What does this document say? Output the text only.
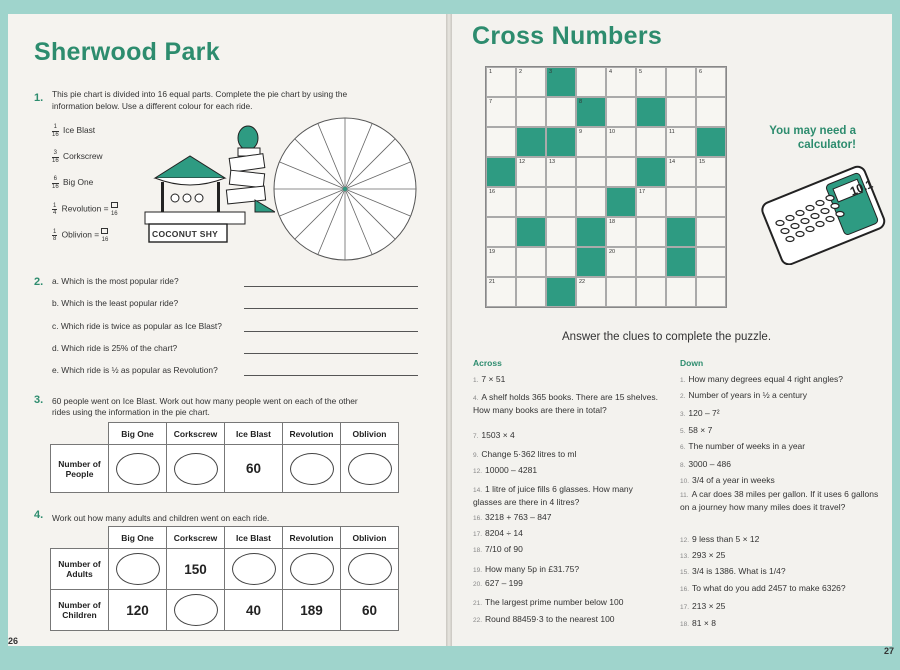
Sherwood Park
1. This pie chart is divided into 16 equal parts. Complete the pie chart by using the
information below. Use a different colour for each ride.
$\frac{1}{16}$ Ice Blast
$\frac{3}{16}$ Corkscrew
$\frac{6}{16}$ Big One
$\frac{1}{4}$ Revolution = 16
$\frac{1}{8}$ Oblivion = 16
COCONUT SHY
2. a. Which is the most popular ride?
b. Which is the least popular ride?
c. Which ride is twice as popular as Ice Blast?
d. Which ride is 25% of the chart?
e. Which ride is ½ as popular as Revolution?
3. 60 people went on Ice Blast. Work out how many people went on each of the other
rides using the information in the pie chart.
	Big One	Corkscrew	Ice Blast	Revolution	Oblivion
Number of People			60		
4. Work out how many adults and children went on each ride.
	Big One	Corkscrew	Ice Blast	Revolution	Oblivion
Number of Adults		150			
Number of Children	120		40	189	60
26
Cross Numbers
1	2	3	4	5	6
7	8
9	10	11
12	13	14	15
16	17
18
19	20
21	22
You may need a calculator!
10.1
Answer the clues to complete the puzzle.
Across	Down
1. 7 × 51
4. A shelf holds 365 books. There are 15 shelves. How many books are there in total?
7. 1503 × 4
9. Change 5·362 litres to ml
12. 10000 – 4281
14. 1 litre of juice fills 6 glasses. How many glasses are there in 4 litres?
16. 3218 + 763 – 847
17. 8204 ÷ 14
18. 7/10 of 90
19. How many 5p in £31.75?
20. 627 – 199
21. The largest prime number below 100
22. Round 88459·3 to the nearest 100
1. How many degrees equal 4 right angles?
2. Number of years in ½ a century
3. 120 – 7²
5. 58 × 7
6. The number of weeks in a year
8. 3000 – 486
10. 3/4 of a year in weeks
11. A car does 38 miles per gallon. If it uses 6 gallons on a journey how many miles does it travel?
12. 9 less than 5 × 12
13. 293 × 25
15. 3/4 is 1386. What is 1/4?
16. To what do you add 2457 to make 6326?
17. 213 × 25
18. 81 × 8
27
